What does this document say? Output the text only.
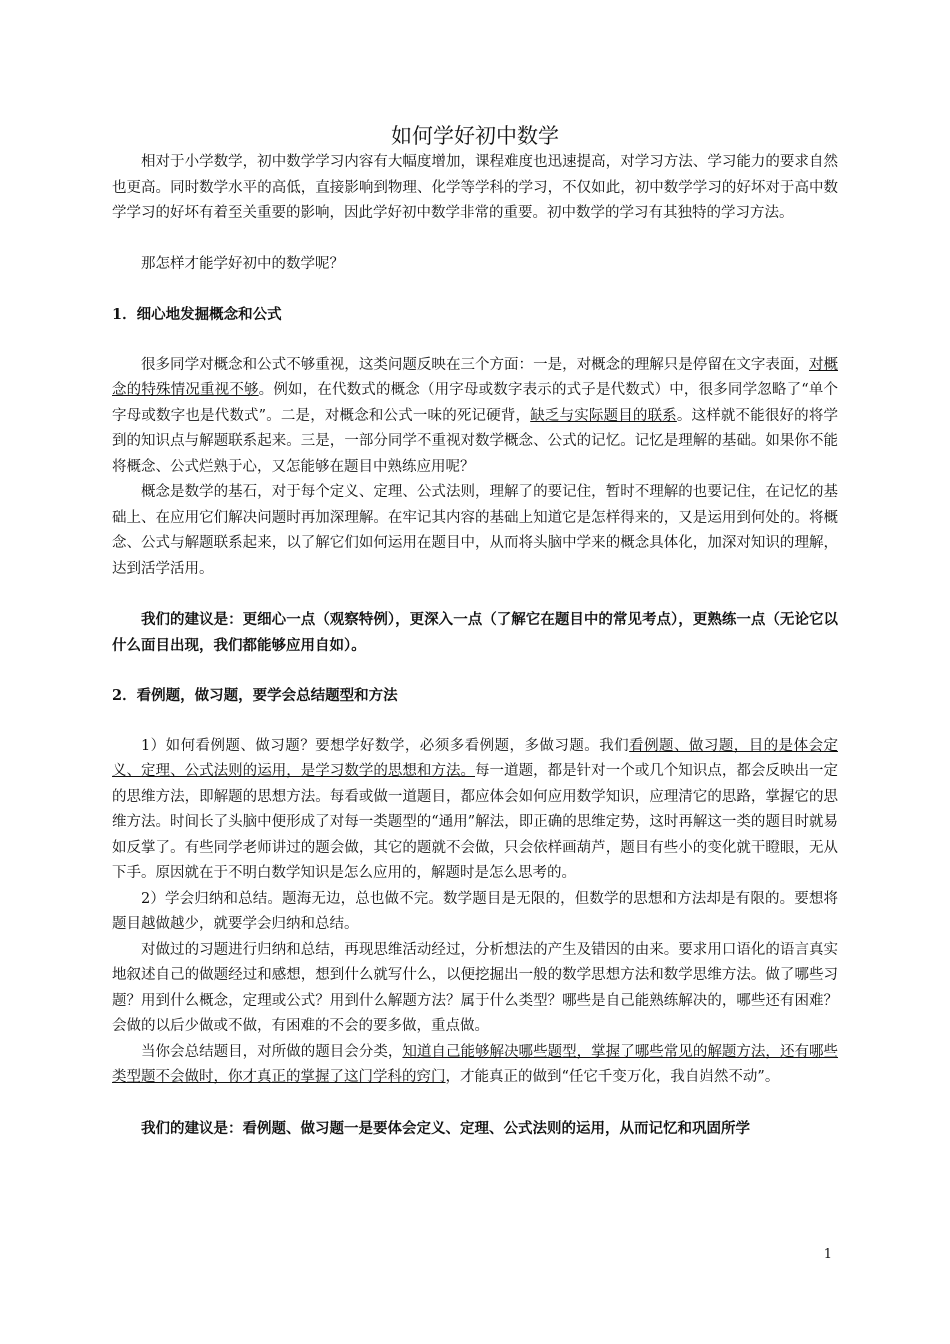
如何学好初中数学

相对于小学数学，初中数学学习内容有大幅度增加，课程难度也迅速提高，对学习方法、学习能力的要求自然也更高。同时数学水平的高低，直接影响到物理、化学等学科的学习，不仅如此，初中数学学习的好坏对于高中数学学习的好坏有着至关重要的影响，因此学好初中数学非常的重要。初中数学的学习有其独特的学习方法。

那怎样才能学好初中的数学呢？

1．细心地发掘概念和公式

很多同学对概念和公式不够重视，这类问题反映在三个方面：一是，对概念的理解只是停留在文字表面，对概念的特殊情况重视不够。例如，在代数式的概念（用字母或数字表示的式子是代数式）中，很多同学忽略了“单个字母或数字也是代数式”。二是，对概念和公式一味的死记硬背，缺乏与实际题目的联系。这样就不能很好的将学到的知识点与解题联系起来。三是，一部分同学不重视对数学概念、公式的记忆。记忆是理解的基础。如果你不能将概念、公式烂熟于心，又怎能够在题目中熟练应用呢？

概念是数学的基石，对于每个定义、定理、公式法则，理解了的要记住，暂时不理解的也要记住，在记忆的基础上、在应用它们解决问题时再加深理解。在牢记其内容的基础上知道它是怎样得来的，又是运用到何处的。将概念、公式与解题联系起来，以了解它们如何运用在题目中，从而将头脑中学来的概念具体化，加深对知识的理解，达到活学活用。

我们的建议是：更细心一点（观察特例），更深入一点（了解它在题目中的常见考点），更熟练一点（无论它以什么面目出现，我们都能够应用自如）。

2．看例题，做习题，要学会总结题型和方法

1）如何看例题、做习题？要想学好数学，必须多看例题，多做习题。我们看例题、做习题，目的是体会定义、定理、公式法则的运用，是学习数学的思想和方法。每一道题，都是针对一个或几个知识点，都会反映出一定的思维方法，即解题的思想方法。每看或做一道题目，都应体会如何应用数学知识，应理清它的思路，掌握它的思维方法。时间长了头脑中便形成了对每一类题型的“通用”解法，即正确的思维定势，这时再解这一类的题目时就易如反掌了。有些同学老师讲过的题会做，其它的题就不会做，只会依样画葫芦，题目有些小的变化就干瞪眼，无从下手。原因就在于不明白数学知识是怎么应用的，解题时是怎么思考的。

2）学会归纳和总结。题海无边，总也做不完。数学题目是无限的，但数学的思想和方法却是有限的。要想将题目越做越少，就要学会归纳和总结。

对做过的习题进行归纳和总结，再现思维活动经过，分析想法的产生及错因的由来。要求用口语化的语言真实地叙述自己的做题经过和感想，想到什么就写什么，以便挖掘出一般的数学思想方法和数学思维方法。做了哪些习题？用到什么概念，定理或公式？用到什么解题方法？属于什么类型？哪些是自己能熟练解决的，哪些还有困难？会做的以后少做或不做，有困难的不会的要多做，重点做。

当你会总结题目，对所做的题目会分类，知道自己能够解决哪些题型，掌握了哪些常见的解题方法，还有哪些类型题不会做时，你才真正的掌握了这门学科的窍门，才能真正的做到“任它千变万化，我自岿然不动”。

我们的建议是：看例题、做习题一是要体会定义、定理、公式法则的运用，从而记忆和巩固所学

1
